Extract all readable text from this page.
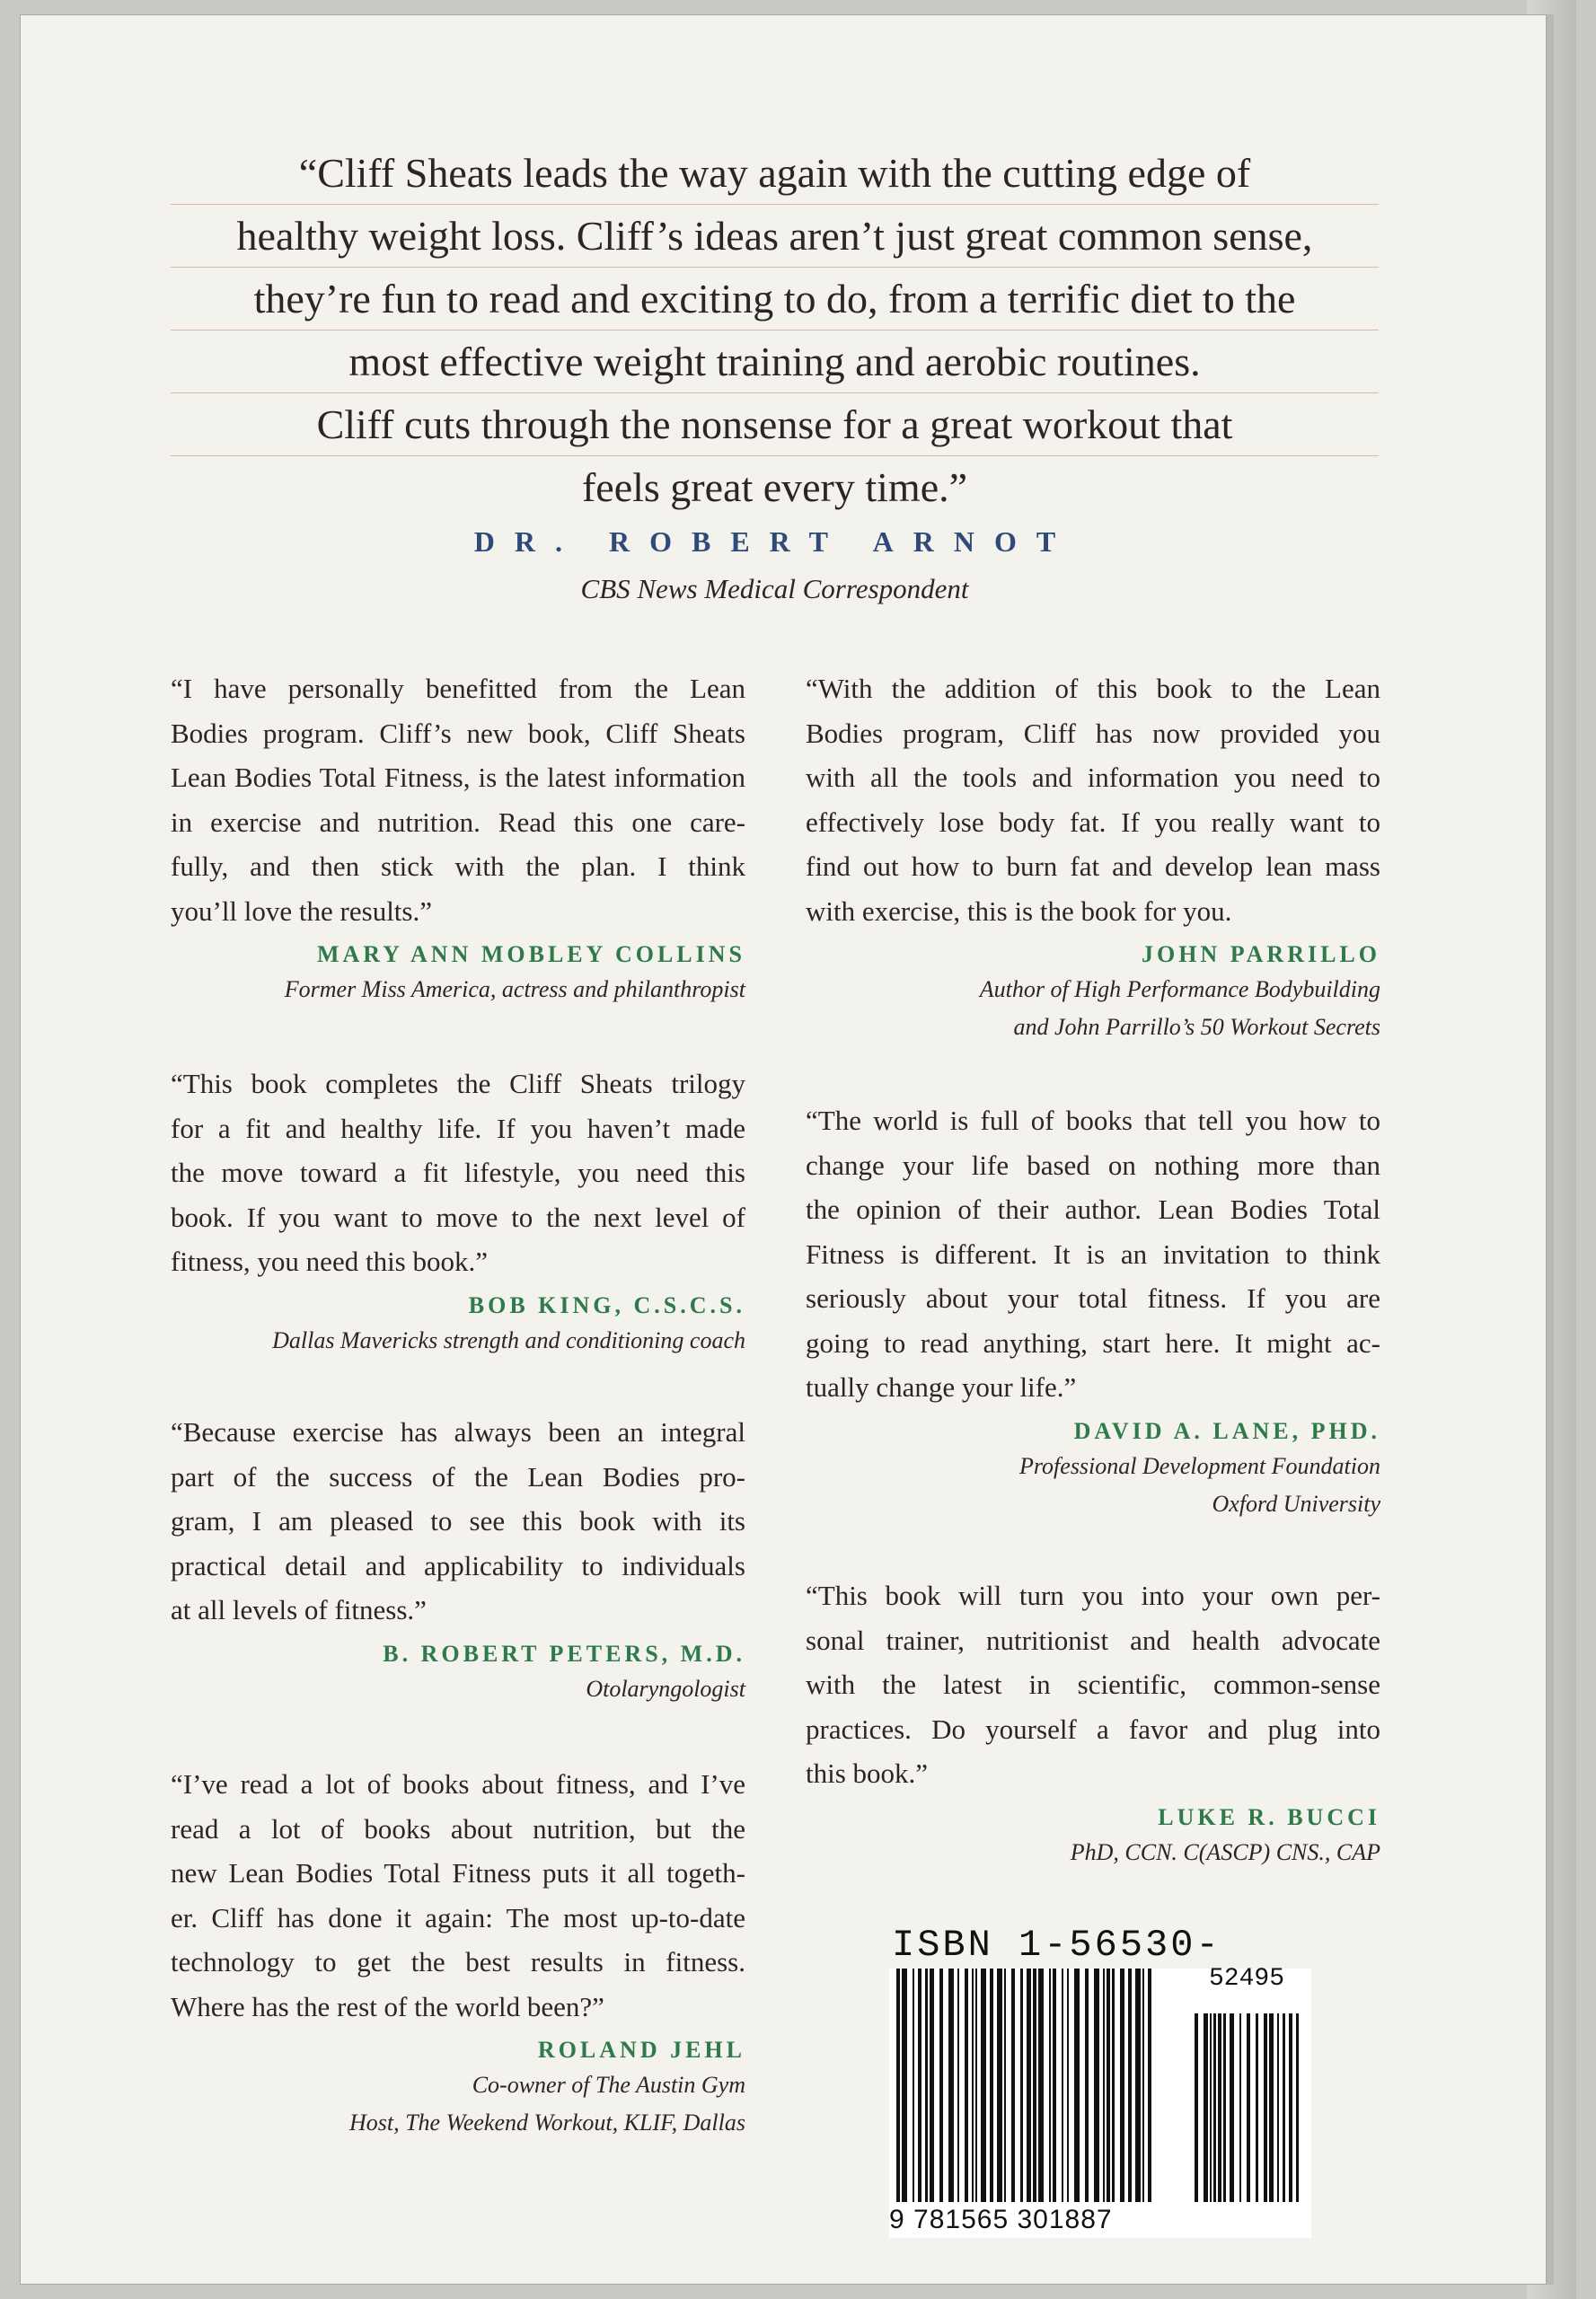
“Cliff Sheats leads the way again with the cutting edge of
healthy weight loss. Cliff’s ideas aren’t just great common sense,
they’re fun to read and exciting to do, from a terrific diet to the
most effective weight training and aerobic routines.
Cliff cuts through the nonsense for a great workout that
feels great every time.”
DR. ROBERT ARNOT
CBS News Medical Correspondent
“I have personally benefitted from the Lean
Bodies program. Cliff’s new book, Cliff Sheats
Lean Bodies Total Fitness, is the latest information
in exercise and nutrition. Read this one care-
fully, and then stick with the plan. I think
you’ll love the results.”
MARY ANN MOBLEY COLLINS
Former Miss America, actress and philanthropist
“This book completes the Cliff Sheats trilogy
for a fit and healthy life. If you haven’t made
the move toward a fit lifestyle, you need this
book. If you want to move to the next level of
fitness, you need this book.”
BOB KING, C.S.C.S.
Dallas Mavericks strength and conditioning coach
“Because exercise has always been an integral
part of the success of the Lean Bodies pro-
gram, I am pleased to see this book with its
practical detail and applicability to individuals
at all levels of fitness.”
B. ROBERT PETERS, M.D.
Otolaryngologist
“I’ve read a lot of books about fitness, and I’ve
read a lot of books about nutrition, but the
new Lean Bodies Total Fitness puts it all togeth-
er. Cliff has done it again: The most up-to-date
technology to get the best results in fitness.
Where has the rest of the world been?”
ROLAND JEHL
Co-owner of The Austin Gym
Host, The Weekend Workout, KLIF, Dallas
“With the addition of this book to the Lean
Bodies program, Cliff has now provided you
with all the tools and information you need to
effectively lose body fat. If you really want to
find out how to burn fat and develop lean mass
with exercise, this is the book for you.
JOHN PARRILLO
Author of High Performance Bodybuilding
and John Parrillo’s 50 Workout Secrets
“The world is full of books that tell you how to
change your life based on nothing more than
the opinion of their author. Lean Bodies Total
Fitness is different. It is an invitation to think
seriously about your total fitness. If you are
going to read anything, start here. It might ac-
tually change your life.”
DAVID A. LANE, PHD.
Professional Development Foundation
Oxford University
“This book will turn you into your own per-
sonal trainer, nutritionist and health advocate
with the latest in scientific, common-sense
practices. Do yourself a favor and plug into
this book.”
LUKE R. BUCCI
PhD, CCN. C(ASCP) CNS., CAP
ISBN 1-56530-
52495
9 781565 301887
